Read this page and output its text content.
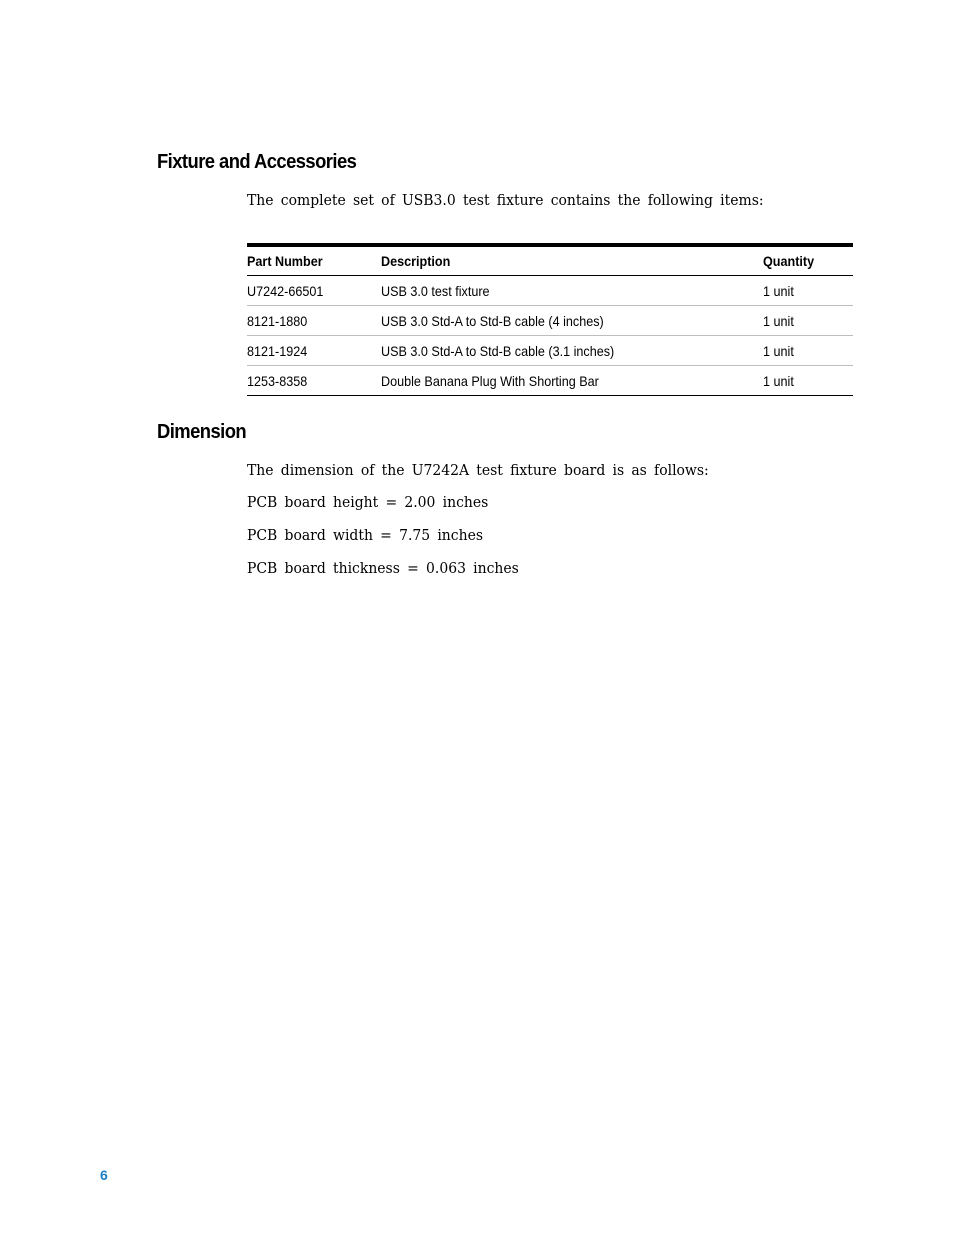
Fixture and Accessories

The complete set of USB3.0 test fixture contains the following items:

Part Number	Description	Quantity
U7242-66501	USB 3.0 test fixture	1 unit
8121-1880	USB 3.0 Std-A to Std-B cable (4 inches)	1 unit
8121-1924	USB 3.0 Std-A to Std-B cable (3.1 inches)	1 unit
1253-8358	Double Banana Plug With Shorting Bar	1 unit
Dimension

The dimension of the U7242A test fixture board is as follows:

PCB board height = 2.00 inches

PCB board width = 7.75 inches

PCB board thickness = 0.063 inches

6
